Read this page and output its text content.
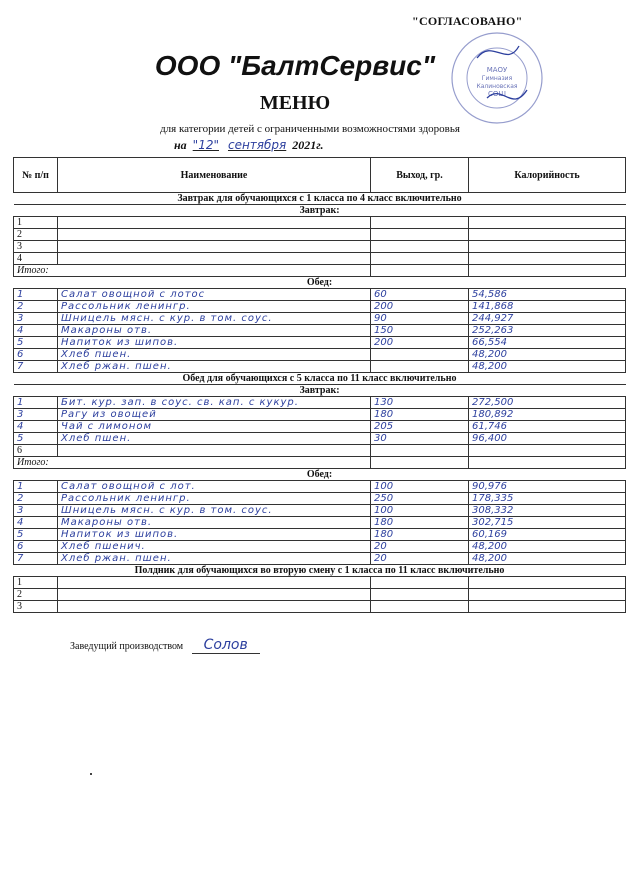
"СОГЛАСОВАНО"
МАОУ
Гимназия
Калиновская
СОШ
ООО "БалтСервис"
МЕНЮ
для категории детей с ограниченными возможностями здоровья
на "12" сентября 2021г.
№ п/п	Наименование	Выход, гр.	Калорийность
Завтрак для обучающихся с 1 класса по 4 класс включительно			
Завтрак:			
1			
2			
3			
4			
Итого:			
Обед:			
1	Салат овощной с лотос	60	54,586
2	Рассольник ленингр.	200	141,868
3	Шницель мясн. с кур. в том. соус.	90	244,927
4	Макароны отв.	150	252,263
5	Напиток из шипов.	200	66,554
6	Хлеб пшен.		48,200
7	Хлеб ржан. пшен.		48,200
Обед для обучающихся с 5 класса по 11 класс включительно			
Завтрак:			
1	Бит. кур. зап. в соус. св. кап. с кукур.	130	272,500
3	Рагу из овощей	180	180,892
4	Чай с лимоном	205	61,746
5	Хлеб пшен.	30	96,400
6			
Итого:			
Обед:			
1	Салат овощной с лот.	100	90,976
2	Рассольник ленингр.	250	178,335
3	Шницель мясн. с кур. в том. соус.	100	308,332
4	Макароны отв.	180	302,715
5	Напиток из шипов.	180	60,169
6	Хлеб пшенич.	20	48,200
7	Хлеб ржан. пшен.	20	48,200
Полдник для обучающихся во вторую смену с 1 класса по 11 класс включительно			
1			
2			
3			
Заведущий производством Солов
